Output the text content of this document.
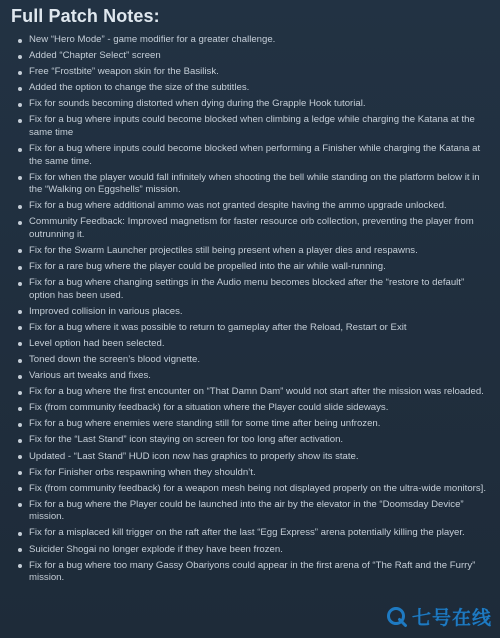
Full Patch Notes:
New “Hero Mode” - game modifier for a greater challenge.
Added “Chapter Select” screen
Free “Frostbite” weapon skin for the Basilisk.
Added the option to change the size of the subtitles.
Fix for sounds becoming distorted when dying during the Grapple Hook tutorial.
Fix for a bug where inputs could become blocked when climbing a ledge while charging the Katana at the same time
Fix for a bug where inputs could become blocked when performing a Finisher while charging the Katana at the same time.
Fix for when the player would fall infinitely when shooting the bell while standing on the platform below it in the “Walking on Eggshells” mission.
Fix for a bug where additional ammo was not granted despite having the ammo upgrade unlocked.
Community Feedback: Improved magnetism for faster resource orb collection, preventing the player from outrunning it.
Fix for the Swarm Launcher projectiles still being present when a player dies and respawns.
Fix for a rare bug where the player could be propelled into the air while wall-running.
Fix for a bug where changing settings in the Audio menu becomes blocked after the “restore to default” option has been used.
Improved collision in various places.
Fix for a bug where it was possible to return to gameplay after the Reload, Restart or Exit
Level option had been selected.
Toned down the screen’s blood vignette.
Various art tweaks and fixes.
Fix for a bug where the first encounter on “That Damn Dam” would not start after the mission was reloaded.
Fix (from community feedback) for a situation where the Player could slide sideways.
Fix for a bug where enemies were standing still for some time after being unfrozen.
Fix for the “Last Stand” icon staying on screen for too long after activation.
Updated - “Last Stand” HUD icon now has graphics to properly show its state.
Fix for Finisher orbs respawning when they shouldn’t.
Fix (from community feedback) for a weapon mesh being not displayed properly on the ultra-wide monitors].
Fix for a bug where the Player could be launched into the air by the elevator in the “Doomsday Device” mission.
Fix for a misplaced kill trigger on the raft after the last “Egg Express” arena potentially killing the player.
Suicider Shogai no longer explode if they have been frozen.
Fix for a bug where too many Gassy Obariyons could appear in the first arena of “The Raft and the Furry” mission.
七号在线
